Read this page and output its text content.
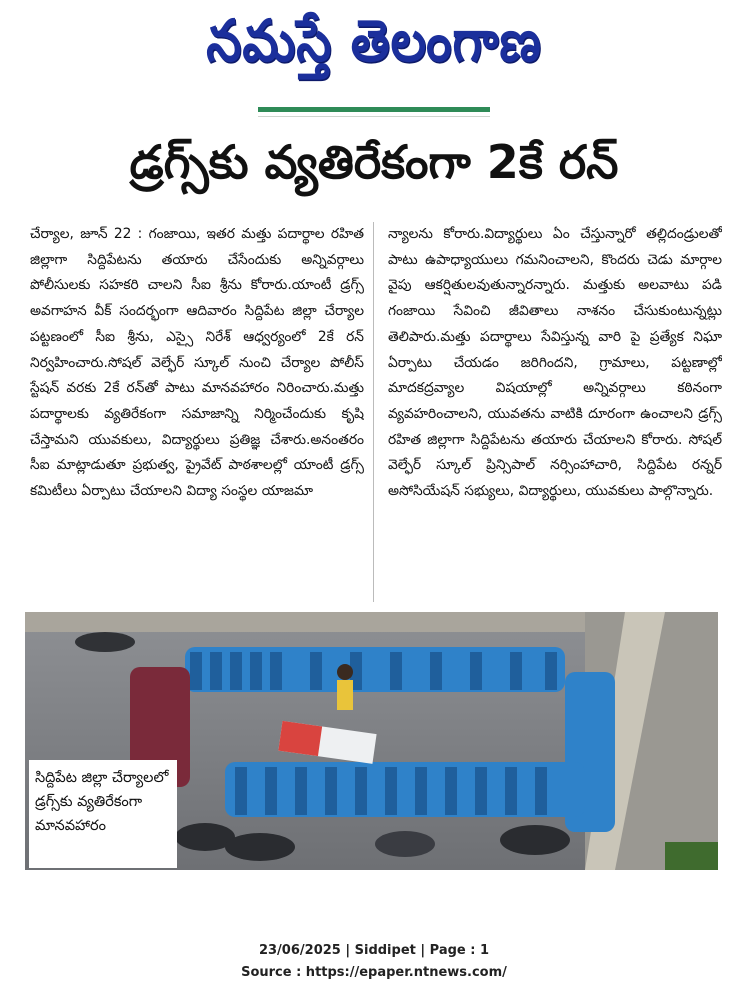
నమస్తే తెలంగాణ
డ్రగ్స్‌కు వ్యతిరేకంగా 2కే రన్
చేర్యాల, జూన్ 22 : గంజాయి, ఇతర మత్తు పదార్థాల రహిత జిల్లాగా సిద్దిపేటను తయారు చేసేందుకు అన్నివర్గాలు పోలీసులకు సహకరి చాలని సీఐ శ్రీను కోరారు.యాంటీ డ్రగ్స్ అవగాహన వీక్ సందర్భంగా ఆదివారం సిద్దిపేట జిల్లా చేర్యాల పట్టణంలో సీఐ శ్రీను, ఎస్సై నిరేశ్ ఆధ్వర్యంలో 2కే రన్ నిర్వహించారు.సోషల్ వెల్ఫేర్ స్కూల్ నుంచి చేర్యాల పోలీస్ స్టేషన్ వరకు 2కే రన్‌తో పాటు మానవహారం నిరించారు.మత్తు పదార్థాలకు వ్యతిరేకంగా సమాజాన్ని నిర్మించేందుకు కృషి చేస్తామని యువకులు, విద్యార్థులు ప్రతిజ్ఞ చేశారు.అనంతరం సీఐ మాట్లాడుతూ ప్రభుత్వ, ప్రైవేట్ పాఠశాలల్లో యాంటీ డ్రగ్స్ కమిటీలు ఏర్పాటు చేయాలని విద్యా సంస్థల యాజమా
న్యాలను కోరారు.విద్యార్థులు ఏం చేస్తున్నారో తల్లిదండ్రులతో పాటు ఉపాధ్యాయులు గమనించాలని, కొందరు చెడు మార్గాల వైపు ఆకర్షితులవుతున్నారన్నారు. మత్తుకు అలవాటు పడి గంజాయి సేవించి జీవితాలు నాశనం చేసుకుంటున్నట్లు తెలిపారు.మత్తు పదార్థాలు సేవిస్తున్న వారి పై ప్రత్యేక నిఘా ఏర్పాటు చేయడం జరిగిందని, గ్రామాలు, పట్టణాల్లో మాదకద్రవ్యాల విషయాల్లో అన్నివర్గాలు కఠినంగా వ్యవహరించాలని, యువతను వాటికి దూరంగా ఉంచాలని డ్రగ్స్ రహిత జిల్లాగా సిద్దిపేటను తయారు చేయాలని కోరారు. సోషల్ వెల్ఫేర్ స్కూల్ ప్రిన్సిపాల్ నర్సింహాచారి, సిద్దిపేట రన్నర్ అసోసియేషన్ సభ్యులు, విద్యార్థులు, యువకులు పాల్గొన్నారు.
సిద్దిపేట జిల్లా చేర్యాలలో డ్రగ్స్‌కు వ్యతిరేకంగా మానవహారం
23/06/2025 | Siddipet | Page : 1
Source : https://epaper.ntnews.com/
